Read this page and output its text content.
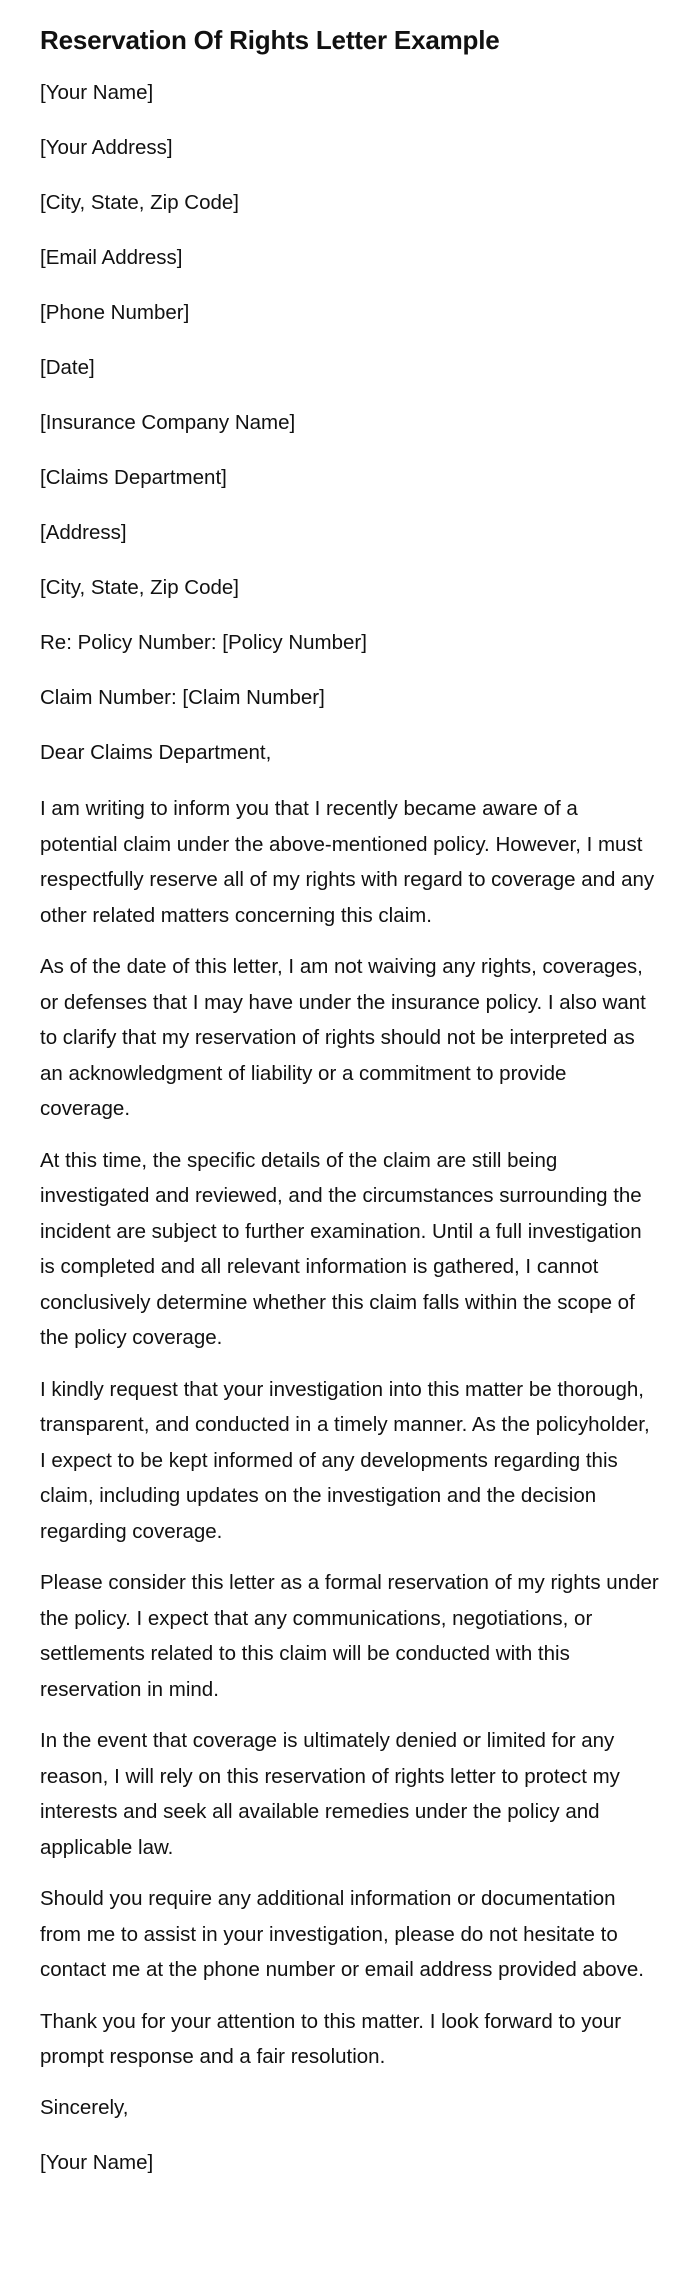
Reservation Of Rights Letter Example

[Your Name]

[Your Address]

[City, State, Zip Code]

[Email Address]

[Phone Number]

[Date]

[Insurance Company Name]

[Claims Department]

[Address]

[City, State, Zip Code]

Re: Policy Number: [Policy Number]

Claim Number: [Claim Number]

Dear Claims Department,

I am writing to inform you that I recently became aware of a potential claim under the above-mentioned policy. However, I must respectfully reserve all of my rights with regard to coverage and any other related matters concerning this claim.

As of the date of this letter, I am not waiving any rights, coverages, or defenses that I may have under the insurance policy. I also want to clarify that my reservation of rights should not be interpreted as an acknowledgment of liability or a commitment to provide coverage.

At this time, the specific details of the claim are still being investigated and reviewed, and the circumstances surrounding the incident are subject to further examination. Until a full investigation is completed and all relevant information is gathered, I cannot conclusively determine whether this claim falls within the scope of the policy coverage.

I kindly request that your investigation into this matter be thorough, transparent, and conducted in a timely manner. As the policyholder, I expect to be kept informed of any developments regarding this claim, including updates on the investigation and the decision regarding coverage.

Please consider this letter as a formal reservation of my rights under the policy. I expect that any communications, negotiations, or settlements related to this claim will be conducted with this reservation in mind.

In the event that coverage is ultimately denied or limited for any reason, I will rely on this reservation of rights letter to protect my interests and seek all available remedies under the policy and applicable law.

Should you require any additional information or documentation from me to assist in your investigation, please do not hesitate to contact me at the phone number or email address provided above.

Thank you for your attention to this matter. I look forward to your prompt response and a fair resolution.

Sincerely,

[Your Name]
